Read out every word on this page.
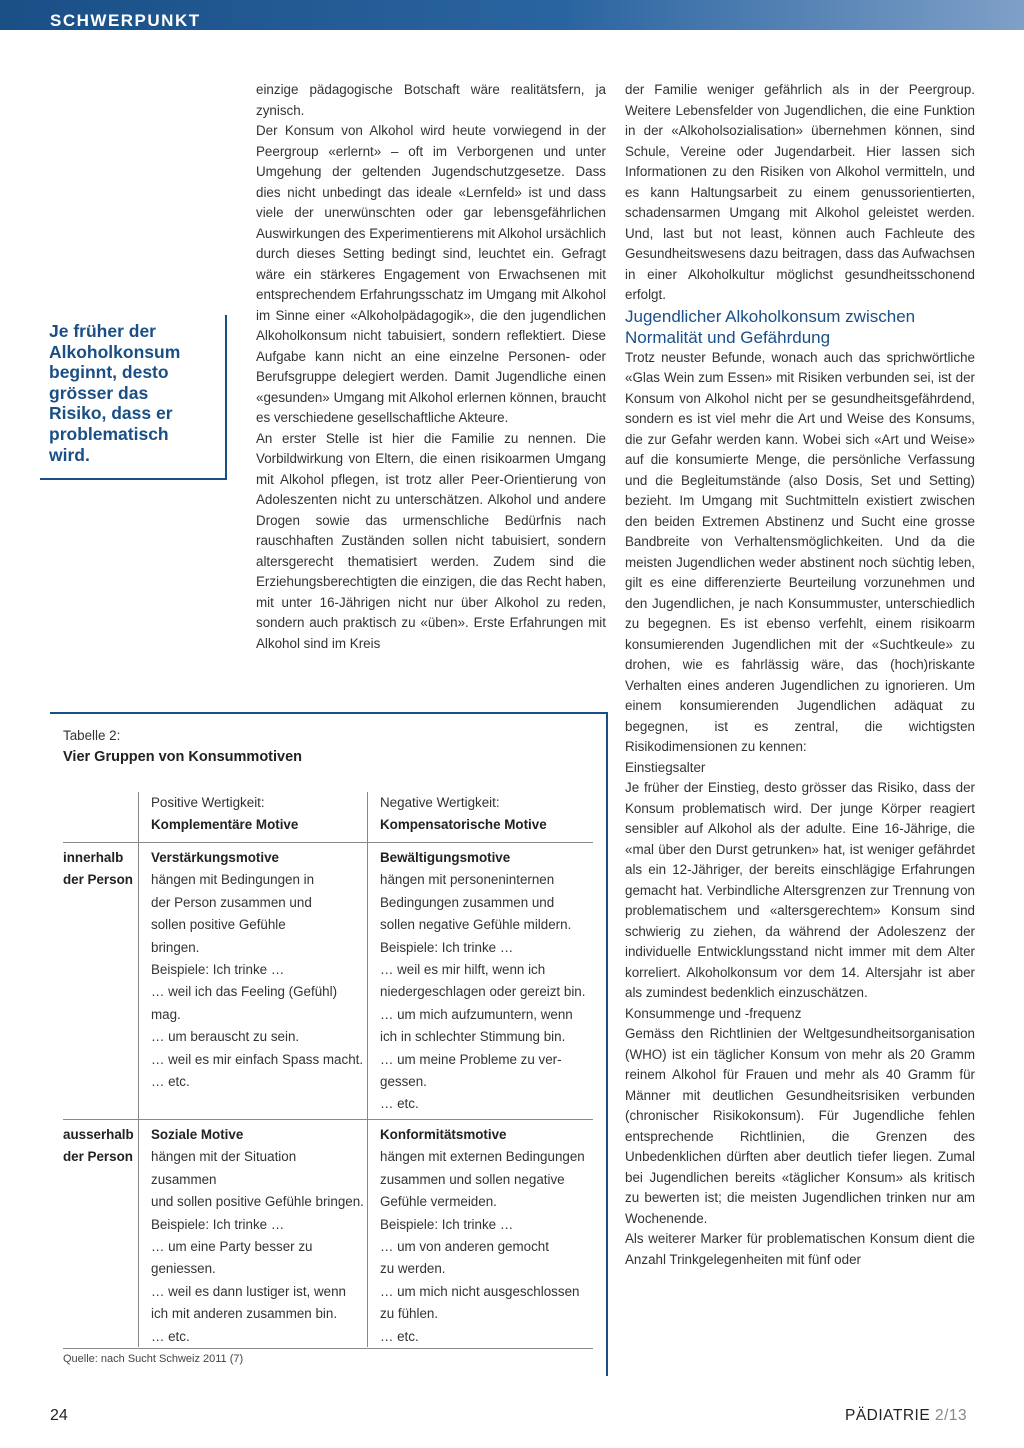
SCHWERPUNKT
Je früher der
Alkoholkonsum
beginnt, desto
grösser das
Risiko, dass er
problematisch
wird.

einzige pädagogische Botschaft wäre realitätsfern, ja zynisch.

Der Konsum von Alkohol wird heute vorwiegend in der Peergroup «erlernt» – oft im Verborgenen und unter Umgehung der geltenden Jugendschutzgesetze. Dass dies nicht unbedingt das ideale «Lernfeld» ist und dass viele der unerwünschten oder gar lebensgefährlichen Auswirkungen des Experimentierens mit Alkohol ursächlich durch dieses Setting bedingt sind, leuchtet ein. Gefragt wäre ein stärkeres Engagement von Erwachsenen mit entsprechendem Erfahrungsschatz im Umgang mit Alkohol im Sinne einer «Alkoholpädagogik», die den jugendlichen Alkoholkonsum nicht tabuisiert, sondern reflektiert. Diese Aufgabe kann nicht an eine einzelne Personen- oder Berufsgruppe delegiert werden. Damit Jugendliche einen «gesunden» Umgang mit Alkohol erlernen können, braucht es verschiedene gesellschaftliche Akteure.

An erster Stelle ist hier die Familie zu nennen. Die Vorbildwirkung von Eltern, die einen risikoarmen Umgang mit Alkohol pflegen, ist trotz aller Peer-Orientierung von Adoleszenten nicht zu unterschätzen. Alkohol und andere Drogen sowie das urmenschliche Bedürfnis nach rauschhaften Zuständen sollen nicht tabuisiert, sondern altersgerecht thematisiert werden. Zudem sind die Erziehungsberechtigten die einzigen, die das Recht haben, mit unter 16-Jährigen nicht nur über Alkohol zu reden, sondern auch praktisch zu «üben». Erste Erfahrungen mit Alkohol sind im Kreis

der Familie weniger gefährlich als in der Peergroup. Weitere Lebensfelder von Jugendlichen, die eine Funktion in der «Alkoholsozialisation» übernehmen können, sind Schule, Vereine oder Jugendarbeit. Hier lassen sich Informationen zu den Risiken von Alkohol vermitteln, und es kann Haltungsarbeit zu einem genussorientierten, schadensarmen Umgang mit Alkohol geleistet werden. Und, last but not least, können auch Fachleute des Gesundheitswesens dazu beitragen, dass das Aufwachsen in einer Alkoholkultur möglichst gesundheitsschonend erfolgt.

Jugendlicher Alkoholkonsum zwischen Normalität und Gefährdung

Trotz neuster Befunde, wonach auch das sprichwörtliche «Glas Wein zum Essen» mit Risiken verbunden sei, ist der Konsum von Alkohol nicht per se gesundheitsgefährdend, sondern es ist viel mehr die Art und Weise des Konsums, die zur Gefahr werden kann. Wobei sich «Art und Weise» auf die konsumierte Menge, die persönliche Verfassung und die Begleitumstände (also Dosis, Set und Setting) bezieht. Im Umgang mit Suchtmitteln existiert zwischen den beiden Extremen Abstinenz und Sucht eine grosse Bandbreite von Verhaltensmöglichkeiten. Und da die meisten Jugendlichen weder abstinent noch süchtig leben, gilt es eine differenzierte Beurteilung vorzunehmen und den Jugendlichen, je nach Konsummuster, unterschiedlich zu begegnen. Es ist ebenso verfehlt, einem risikoarm konsumierenden Jugendlichen mit der «Suchtkeule» zu drohen, wie es fahrlässig wäre, das (hoch)riskante Verhalten eines anderen Jugendlichen zu ignorieren. Um einem konsumierenden Jugendlichen adäquat zu begegnen, ist es zentral, die wichtigsten Risikodimensionen zu kennen:

Einstiegsalter

Je früher der Einstieg, desto grösser das Risiko, dass der Konsum problematisch wird. Der junge Körper reagiert sensibler auf Alkohol als der adulte. Eine 16-Jährige, die «mal über den Durst getrunken» hat, ist weniger gefährdet als ein 12-Jähriger, der bereits einschlägige Erfahrungen gemacht hat. Verbindliche Altersgrenzen zur Trennung von problematischem und «altersgerechtem» Konsum sind schwierig zu ziehen, da während der Adoleszenz der individuelle Entwicklungsstand nicht immer mit dem Alter korreliert. Alkoholkonsum vor dem 14. Altersjahr ist aber als zumindest bedenklich einzuschätzen.

Konsummenge und -frequenz

Gemäss den Richtlinien der Weltgesundheitsorganisation (WHO) ist ein täglicher Konsum von mehr als 20 Gramm reinem Alkohol für Frauen und mehr als 40 Gramm für Männer mit deutlichen Gesundheitsrisiken verbunden (chronischer Risikokonsum). Für Jugendliche fehlen entsprechende Richtlinien, die Grenzen des Unbedenklichen dürften aber deutlich tiefer liegen. Zumal bei Jugendlichen bereits «täglicher Konsum» als kritisch zu bewerten ist; die meisten Jugendlichen trinken nur am Wochenende.

Als weiterer Marker für problematischen Konsum dient die Anzahl Trinkgelegenheiten mit fünf oder

Tabelle 2:
Vier Gruppen von Konsummotiven
Positive Wertigkeit:
Komplementäre Motive
Negative Wertigkeit:
Kompensatorische Motive
innerhalb
der Person
Verstärkungsmotive
hängen mit Bedingungen in
der Person zusammen und
sollen positive Gefühle
bringen.
Beispiele: Ich trinke …
… weil ich das Feeling (Gefühl)
mag.
… um berauscht zu sein.
… weil es mir einfach Spass macht.
… etc.
Bewältigungsmotive
hängen mit personeninternen
Bedingungen zusammen und
sollen negative Gefühle mildern.
Beispiele: Ich trinke …
… weil es mir hilft, wenn ich
niedergeschlagen oder gereizt bin.
… um mich aufzumuntern, wenn
ich in schlechter Stimmung bin.
… um meine Probleme zu ver-
gessen.
… etc.
ausserhalb
der Person
Soziale Motive
hängen mit der Situation zusammen
und sollen positive Gefühle bringen.
Beispiele: Ich trinke …
… um eine Party besser zu
geniessen.
… weil es dann lustiger ist, wenn
ich mit anderen zusammen bin.
… etc.
Konformitätsmotive
hängen mit externen Bedingungen
zusammen und sollen negative
Gefühle vermeiden.
Beispiele: Ich trinke …
… um von anderen gemocht
zu werden.
… um mich nicht ausgeschlossen
zu fühlen.
… etc.
Quelle: nach Sucht Schweiz 2011 (7)
24	PÄDIATRIE 2/13
